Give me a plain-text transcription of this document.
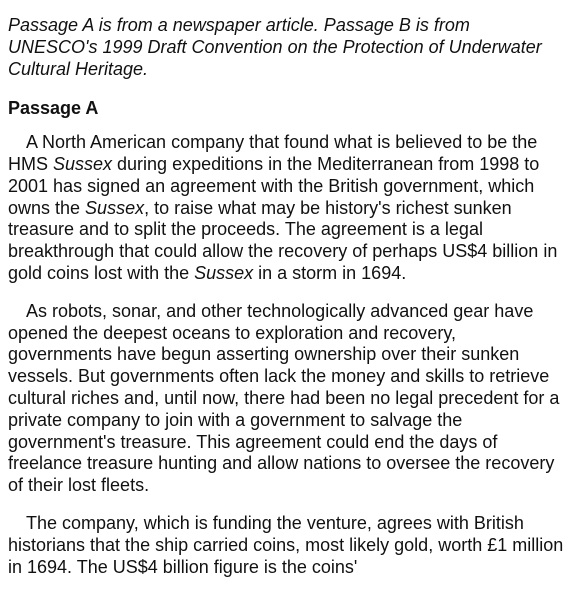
Passage A is from a newspaper article. Passage B is from UNESCO's 1999 Draft Convention on the Protection of Underwater Cultural Heritage.

Passage A

A North American company that found what is believed to be the HMS Sussex during expeditions in the Mediterranean from 1998 to 2001 has signed an agreement with the British government, which owns the Sussex, to raise what may be history's richest sunken treasure and to split the proceeds. The agreement is a legal breakthrough that could allow the recovery of perhaps US$4 billion in gold coins lost with the Sussex in a storm in 1694.

As robots, sonar, and other technologically advanced gear have opened the deepest oceans to exploration and recovery, governments have begun asserting ownership over their sunken vessels. But governments often lack the money and skills to retrieve cultural riches and, until now, there had been no legal precedent for a private company to join with a government to salvage the government's treasure. This agreement could end the days of freelance treasure hunting and allow nations to oversee the recovery of their lost fleets.

The company, which is funding the venture, agrees with British historians that the ship carried coins, most likely gold, worth £1 million in 1694. The US$4 billion figure is the coins'
